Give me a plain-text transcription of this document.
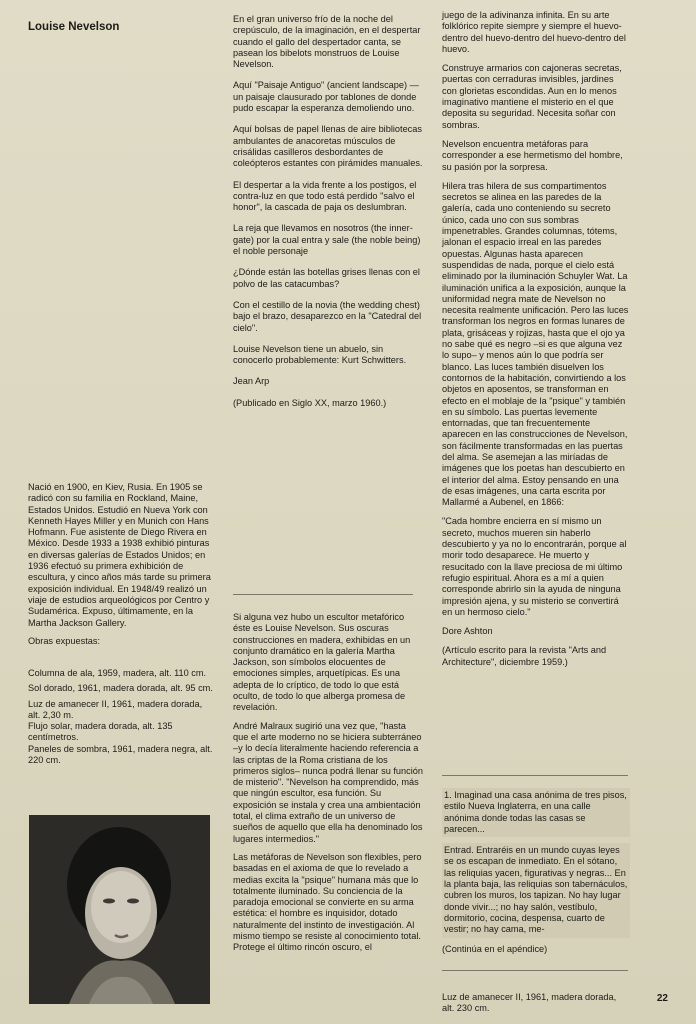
Louise Nevelson

Nació en 1900, en Kiev, Rusia. En 1905 se radicó con su familia en Rockland, Maine, Estados Unidos. Estudió en Nueva York con Kenneth Hayes Miller y en Munich con Hans Hofmann. Fue asistente de Diego Rivera en México. Desde 1933 a 1938 exhibió pinturas en diversas galerías de Estados Unidos; en 1936 efectuó su primera exhibición de escultura, y cinco años más tarde su primera exposición individual. En 1948/49 realizó un viaje de estudios arqueológicos por Centro y Sudamérica. Expuso, últimamente, en la Martha Jackson Gallery.

Obras expuestas:

Columna de ala, 1959, madera, alt. 110 cm.

Sol dorado, 1961, madera dorada, alt. 95 cm.

Luz de amanecer II, 1961, madera dorada, alt. 2,30 m.

Flujo solar, madera dorada, alt. 135 centímetros.

Paneles de sombra, 1961, madera negra, alt. 220 cm.

En el gran universo frío de la noche del crepúsculo, de la imaginación, en el despertar cuando el gallo del despertador canta, se pasean los bibelots monstruos de Louise Nevelson.

Aquí "Paisaje Antiguo" (ancient landscape) — un paisaje clausurado por tablones de donde pudo escapar la esperanza demoliendo uno.

Aquí bolsas de papel llenas de aire bibliotecas ambulantes de anacoretas músculos de crisálidas casilleros desbordantes de coleópteros estantes con pirámides manuales.

El despertar a la vida frente a los postigos, el contra-luz en que todo está perdido "salvo el honor", la cascada de paja os deslumbran.

La reja que llevamos en nosotros (the inner-gate) por la cual entra y sale (the noble being) el noble personaje

¿Dónde están las botellas grises llenas con el polvo de las catacumbas?

Con el cestillo de la novia (the wedding chest) bajo el brazo, desaparezco en la "Catedral del cielo".

Louise Nevelson tiene un abuelo, sin conocerlo probablemente: Kurt Schwitters.

Jean Arp

(Publicado en Siglo XX, marzo 1960.)

Si alguna vez hubo un escultor metafórico éste es Louise Nevelson. Sus oscuras construcciones en madera, exhibidas en un conjunto dramático en la galería Martha Jackson, son símbolos elocuentes de emociones simples, arquetípicas. Es una adepta de lo críptico, de todo lo que está oculto, de todo lo que alberga promesa de revelación.

André Malraux sugirió una vez que, "hasta que el arte moderno no se hiciera subterráneo –y lo decía literalmente haciendo referencia a las criptas de la Roma cristiana de los primeros siglos– nunca podrá llenar su función de misterio". "Nevelson ha comprendido, más que ningún escultor, esa función. Su exposición se instala y crea una ambientación total, el clima extraño de un universo de sueños de aquello que ella ha denominado los lugares intermedios."

Las metáforas de Nevelson son flexibles, pero basadas en el axioma de que lo revelado a medias excita la "psique" humana más que lo totalmente iluminado. Su conciencia de la paradoja emocional se convierte en su arma estética: el hombre es inquisidor, dotado naturalmente del instinto de investigación. Al mismo tiempo se resiste al conocimiento total. Protege el último rincón oscuro, el

juego de la adivinanza infinita. En su arte folklórico repite siempre y siempre el huevo-dentro del huevo-dentro del huevo-dentro del huevo.

Construye armarios con cajoneras secretas, puertas con cerraduras invisibles, jardines con glorietas escondidas. Aun en lo menos imaginativo mantiene el misterio en el que deposita su seguridad. Necesita soñar con sombras.

Nevelson encuentra metáforas para corresponder a ese hermetismo del hombre, su pasión por la sorpresa.

Hilera tras hilera de sus compartimentos secretos se alinea en las paredes de la galería, cada uno conteniendo su secreto único, cada uno con sus sombras impenetrables. Grandes columnas, tótems, jalonan el espacio irreal en las paredes opuestas. Algunas hasta aparecen suspendidas de nada, porque el cielo está eliminado por la iluminación Schuyler Wat. La iluminación unifica a la exposición, aunque la uniformidad negra mate de Nevelson no necesita realmente unificación. Pero las luces transforman los negros en formas lunares de plata, grisáceas y rojizas, hasta que el ojo ya no sabe qué es negro –si es que alguna vez lo supo– y menos aún lo que podría ser blanco. Las luces también disuelven los contornos de la habitación, convirtiendo a los objetos en aposentos, se transforman en efecto en el moblaje de la "psique" y también en su símbolo. Las puertas levemente entornadas, que tan frecuentemente aparecen en las construcciones de Nevelson, son fácilmente transformadas en las puertas del alma. Se asemejan a las miríadas de imágenes que los poetas han descubierto en el interior del alma. Estoy pensando en una de esas imágenes, una carta escrita por Mallarmé a Aubenel, en 1866:

"Cada hombre encierra en sí mismo un secreto, muchos mueren sin haberlo descubierto y ya no lo encontrarán, porque al morir todo desaparece. He muerto y resucitado con la llave preciosa de mi último refugio espiritual. Ahora es a mí a quien corresponde abrirlo sin la ayuda de ninguna impresión ajena, y su misterio se convertirá en un hermoso cielo."

Dore Ashton

(Artículo escrito para la revista "Arts and Architecture", diciembre 1959.)

1. Imaginad una casa anónima de tres pisos, estilo Nueva Inglaterra, en una calle anónima donde todas las casas se parecen...

Entrad. Entraréis en un mundo cuyas leyes se os escapan de inmediato. En el sótano, las reliquias yacen, figurativas y negras... En la planta baja, las reliquias son tabernáculos, cubren los muros, los tapizan. No hay lugar donde vivir...; no hay salón, vestíbulo, dormitorio, cocina, despensa, cuarto de vestir; no hay cama, me-

(Continúa en el apéndice)

Luz de amanecer II, 1961, madera dorada, alt. 230 cm.

22
